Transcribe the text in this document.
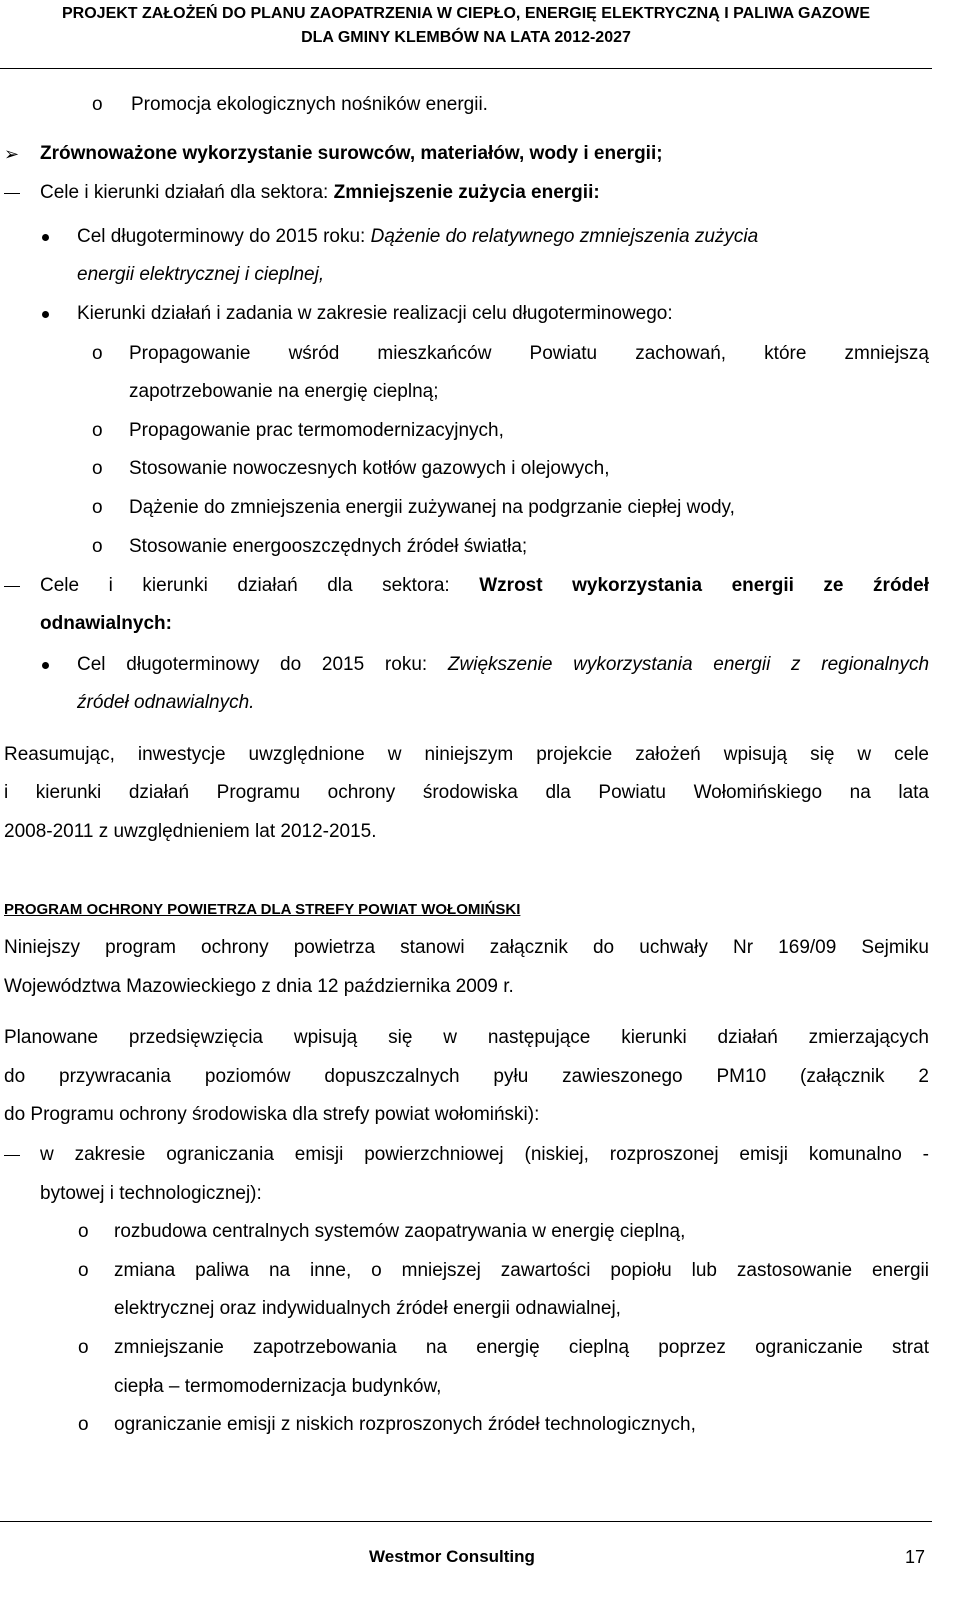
PROJEKT ZAŁOŻEŃ DO PLANU ZAOPATRZENIA W CIEPŁO, ENERGIĘ ELEKTRYCZNĄ I PALIWA GAZOWE
DLA GMINY KLEMBÓW NA LATA 2012-2027
o Promocja ekologicznych nośników energii.
➢ Zrównoważone wykorzystanie surowców, materiałów, wody i energii;
Cele i kierunki działań dla sektora: Zmniejszenie zużycia energii:
Cel długoterminowy do 2015 roku: Dążenie do relatywnego zmniejszenia zużycia
energii elektrycznej i cieplnej,
Kierunki działań i zadania w zakresie realizacji celu długoterminowego:
o Propagowanie wśród mieszkańców Powiatu zachowań, które zmniejszą
zapotrzebowanie na energię cieplną;
o Propagowanie prac termomodernizacyjnych,
o Stosowanie nowoczesnych kotłów gazowych i olejowych,
o Dążenie do zmniejszenia energii zużywanej na podgrzanie ciepłej wody,
o Stosowanie energooszczędnych źródeł światła;
Cele i kierunki działań dla sektora: Wzrost wykorzystania energii ze źródeł
odnawialnych:
Cel długoterminowy do 2015 roku: Zwiększenie wykorzystania energii z regionalnych
źródeł odnawialnych.
Reasumując, inwestycje uwzględnione w niniejszym projekcie założeń wpisują się w cele
i kierunki działań Programu ochrony środowiska dla Powiatu Wołomińskiego na lata
2008-2011 z uwzględnieniem lat 2012-2015.
PROGRAM OCHRONY POWIETRZA DLA STREFY POWIAT WOŁOMIŃSKI
Niniejszy program ochrony powietrza stanowi załącznik do uchwały Nr 169/09 Sejmiku
Województwa Mazowieckiego z dnia 12 października 2009 r.
Planowane przedsięwzięcia wpisują się w następujące kierunki działań zmierzających
do przywracania poziomów dopuszczalnych pyłu zawieszonego PM10 (załącznik 2
do Programu ochrony środowiska dla strefy powiat wołomiński):
w zakresie ograniczania emisji powierzchniowej (niskiej, rozproszonej emisji komunalno -
bytowej i technologicznej):
o rozbudowa centralnych systemów zaopatrywania w energię cieplną,
o zmiana paliwa na inne, o mniejszej zawartości popiołu lub zastosowanie energii
elektrycznej oraz indywidualnych źródeł energii odnawialnej,
o zmniejszanie zapotrzebowania na energię cieplną poprzez ograniczanie strat
ciepła – termomodernizacja budynków,
o ograniczanie emisji z niskich rozproszonych źródeł technologicznych,
Westmor Consulting	17
